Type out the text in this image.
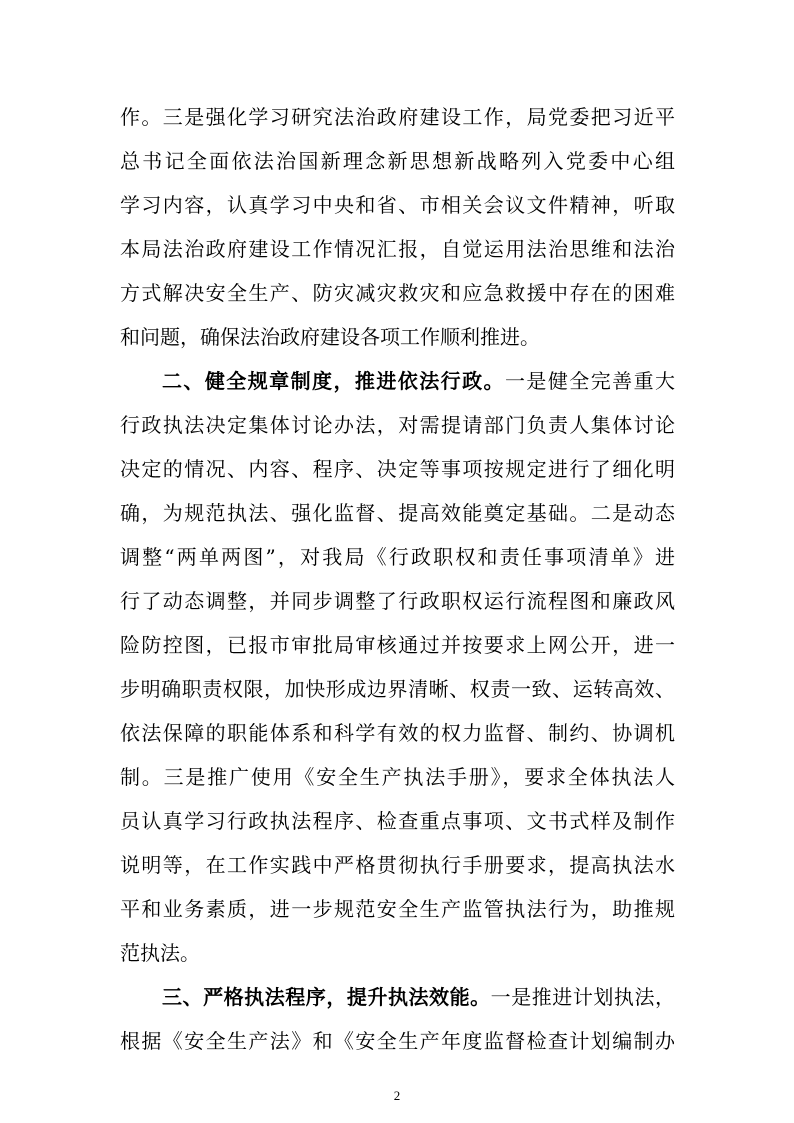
作。三是强化学习研究法治政府建设工作，局党委把习近平
总书记全面依法治国新理念新思想新战略列入党委中心组
学习内容，认真学习中央和省、市相关会议文件精神，听取
本局法治政府建设工作情况汇报，自觉运用法治思维和法治
方式解决安全生产、防灾减灾救灾和应急救援中存在的困难
和问题，确保法治政府建设各项工作顺利推进。
二、健全规章制度，推进依法行政。一是健全完善重大
行政执法决定集体讨论办法，对需提请部门负责人集体讨论
决定的情况、内容、程序、决定等事项按规定进行了细化明
确，为规范执法、强化监督、提高效能奠定基础。二是动态
调整“两单两图”，对我局《行政职权和责任事项清单》进
行了动态调整，并同步调整了行政职权运行流程图和廉政风
险防控图，已报市审批局审核通过并按要求上网公开，进一
步明确职责权限，加快形成边界清晰、权责一致、运转高效、
依法保障的职能体系和科学有效的权力监督、制约、协调机
制。三是推广使用《安全生产执法手册》，要求全体执法人
员认真学习行政执法程序、检查重点事项、文书式样及制作
说明等，在工作实践中严格贯彻执行手册要求，提高执法水
平和业务素质，进一步规范安全生产监管执法行为，助推规
范执法。
三、严格执法程序，提升执法效能。一是推进计划执法，
根据《安全生产法》和《安全生产年度监督检查计划编制办
2
